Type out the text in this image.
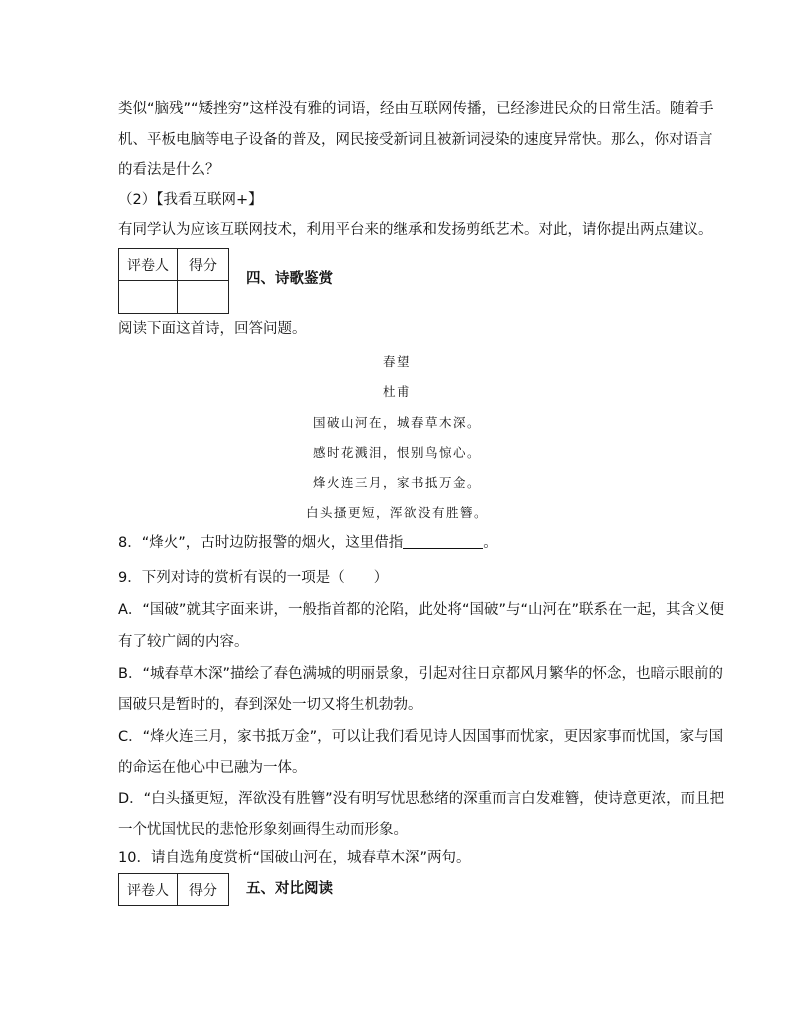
类似“脑残”“矮挫穷”这样没有雅的词语，经由互联网传播，已经渗进民众的日常生活。随着手
机、平板电脑等电子设备的普及，网民接受新词且被新词浸染的速度异常快。那么，你对语言
的看法是什么？
（2）【我看互联网+】
有同学认为应该互联网技术，利用平台来的继承和发扬剪纸艺术。对此，请你提出两点建议。
评卷人	得分

四、诗歌鉴赏
阅读下面这首诗，回答问题。
春望
杜甫
国破山河在，城春草木深。
感时花溅泪，恨别鸟惊心。
烽火连三月，家书抵万金。
白头搔更短，浑欲没有胜簪。
8．“烽火”，古时边防报警的烟火，这里借指	。
9．下列对诗的赏析有误的一项是（　　）
A．“国破”就其字面来讲，一般指首都的沦陷，此处将“国破”与“山河在”联系在一起，其含义便
有了较广阔的内容。
B．“城春草木深”描绘了春色满城的明丽景象，引起对往日京都风月繁华的怀念，也暗示眼前的
国破只是暂时的，春到深处一切又将生机勃勃。
C．“烽火连三月，家书抵万金”，可以让我们看见诗人因国事而忧家，更因家事而忧国，家与国
的命运在他心中已融为一体。
D．“白头搔更短，浑欲没有胜簪”没有明写忧思愁绪的深重而言白发难簪，使诗意更浓，而且把
一个忧国忧民的悲怆形象刻画得生动而形象。
10．请自选角度赏析“国破山河在，城春草木深”两句。
评卷人	得分 五、对比阅读
